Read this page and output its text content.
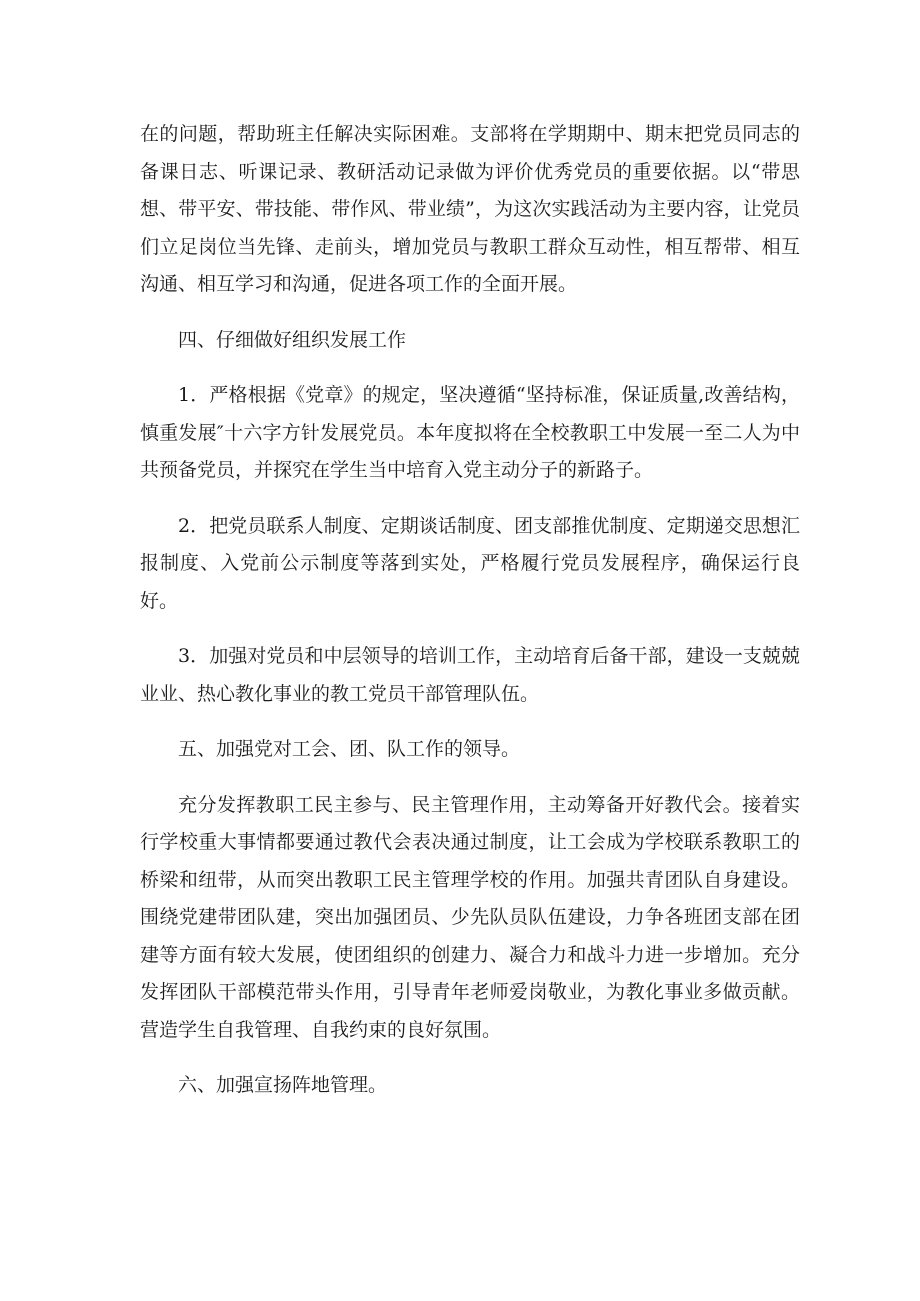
在的问题，帮助班主任解决实际困难。支部将在学期期中、期末把党员同志的备课日志、听课记录、教研活动记录做为评价优秀党员的重要依据。以“带思想、带平安、带技能、带作风、带业绩”，为这次实践活动为主要内容，让党员们立足岗位当先锋、走前头，增加党员与教职工群众互动性，相互帮带、相互沟通、相互学习和沟通，促进各项工作的全面开展。

四、仔细做好组织发展工作

1．严格根据《党章》的规定，坚决遵循“坚持标准，保证质量,改善结构，慎重发展″十六字方针发展党员。本年度拟将在全校教职工中发展一至二人为中共预备党员，并探究在学生当中培育入党主动分子的新路子。

2．把党员联系人制度、定期谈话制度、团支部推优制度、定期递交思想汇报制度、入党前公示制度等落到实处，严格履行党员发展程序，确保运行良好。

3．加强对党员和中层领导的培训工作，主动培育后备干部，建设一支兢兢业业、热心教化事业的教工党员干部管理队伍。

五、加强党对工会、团、队工作的领导。

充分发挥教职工民主参与、民主管理作用，主动筹备开好教代会。接着实行学校重大事情都要通过教代会表决通过制度，让工会成为学校联系教职工的桥梁和纽带，从而突出教职工民主管理学校的作用。加强共青团队自身建设。围绕党建带团队建，突出加强团员、少先队员队伍建设，力争各班团支部在团建等方面有较大发展，使团组织的创建力、凝合力和战斗力进一步增加。充分发挥团队干部模范带头作用，引导青年老师爱岗敬业，为教化事业多做贡献。营造学生自我管理、自我约束的良好氛围。

六、加强宣扬阵地管理。
